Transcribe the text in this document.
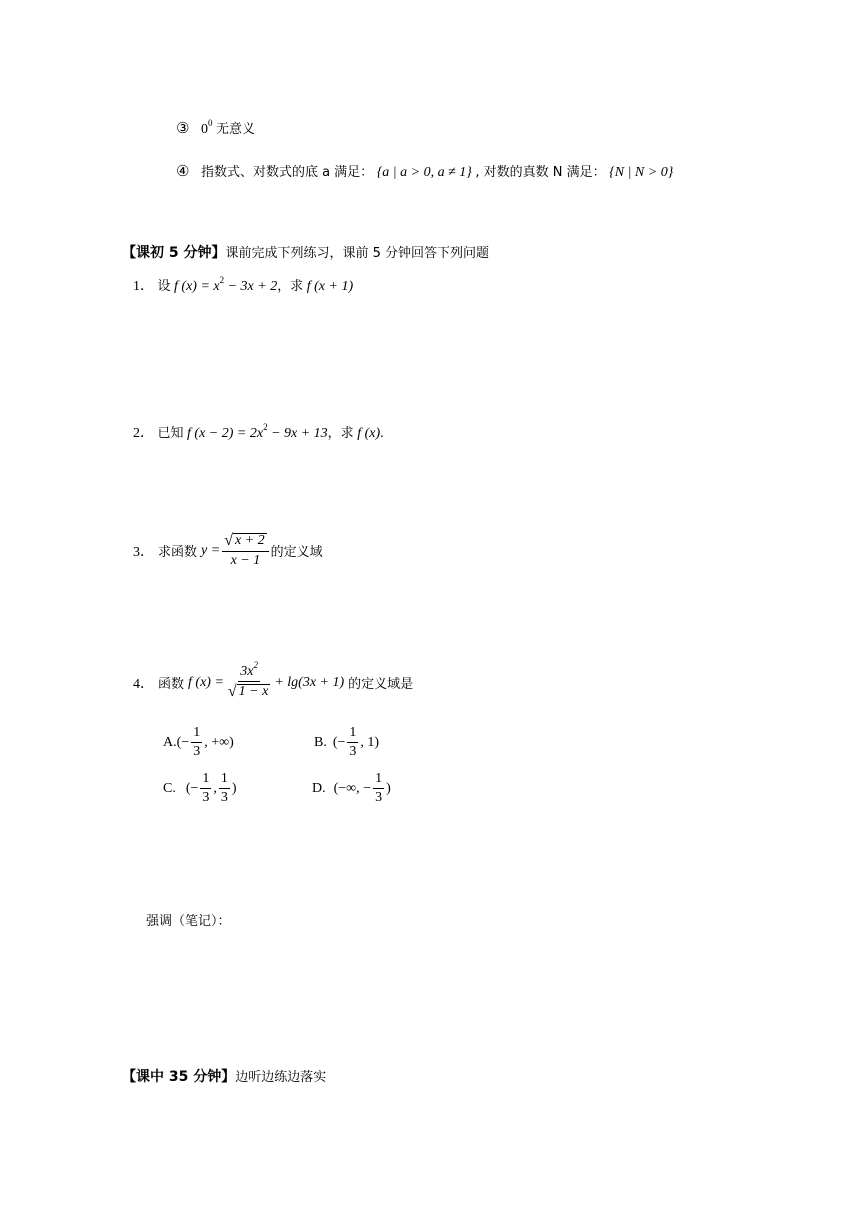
③ $0^0$ 无意义
④ 指数式、对数式的底 a 满足： {a | a > 0, a ≠ 1} , 对数的真数 N 满足： {N | N > 0}
【课初 5 分钟】课前完成下列练习，课前 5 分钟回答下列问题
1． 设 f $(x) = x^2 - 3x + 2$，求 f (x + 1)
2． 已知 f $(x - 2) = 2x^2 - 9x + 13$，求 f (x).
3． 求函数 $y = \frac{√ x + 2}{x - 1}$ 的定义域
4． 函数 f $(x) = \frac{3x^2}{√ 1 - x} + \lg(3x + 1)$ 的定义域是
A. (− $\frac{1}{3}$ , +∞)	B. (− $\frac{1}{3}$ , 1)
C. (− $\frac{1}{3}$ , $\frac{1}{3}$ )	D. (−∞, − $\frac{1}{3}$ )
强调（笔记）：
【课中 35 分钟】边听边练边落实
